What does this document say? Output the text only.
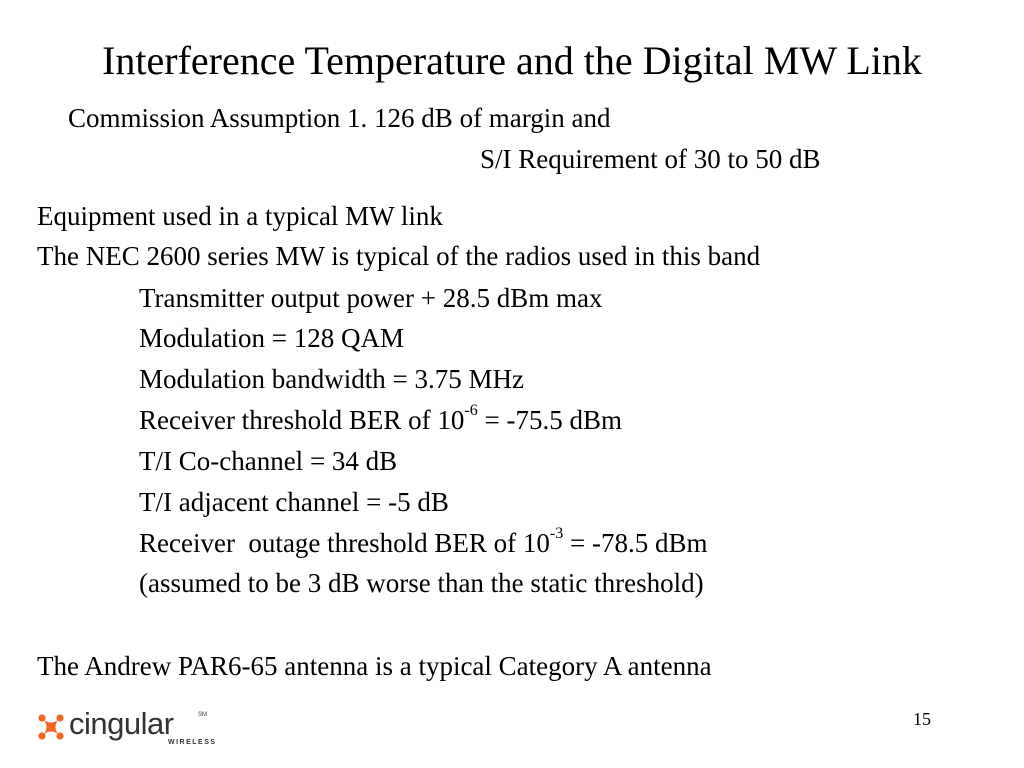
Interference Temperature and the Digital MW Link
Commission Assumption 1. 126 dB of margin and
S/I Requirement of 30 to 50 dB
Equipment used in a typical MW link
The NEC 2600 series MW is typical of the radios used in this band
Transmitter output power + 28.5 dBm max
Modulation = 128 QAM
Modulation bandwidth = 3.75 MHz
Receiver threshold BER of $10^{-6} = -75.5$ dBm
T/I Co-channel = 34 dB
T/I adjacent channel = -5 dB
Receiver  outage threshold BER of $10^{-3} = -78.5$ dBm
(assumed to be 3 dB worse than the static threshold)
The Andrew PAR6-65 antenna is a typical Category A antenna
cingular	SM
WIRELESS
15
